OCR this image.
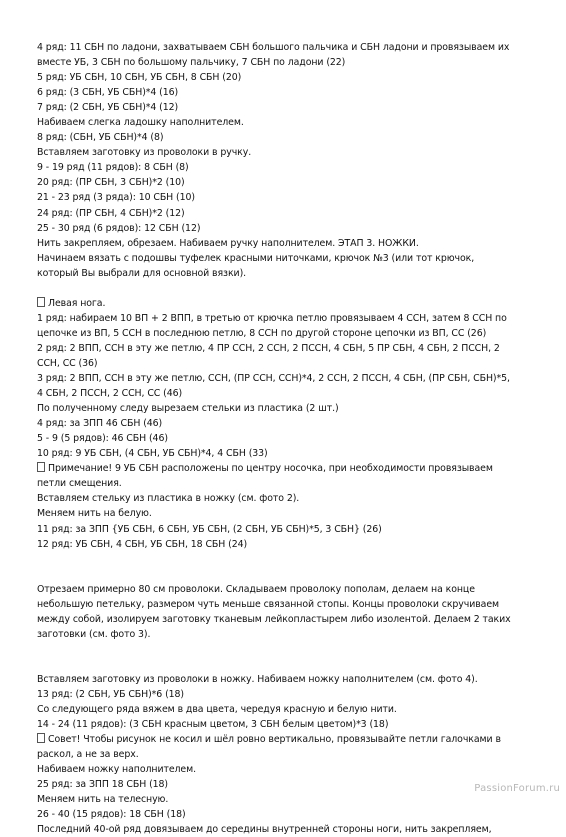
4 ряд: 11 СБН по ладони, захватываем СБН большого пальчика и СБН ладони и провязываем их
вместе УБ, 3 СБН по большому пальчику, 7 СБН по ладони (22)
5 ряд: УБ СБН, 10 СБН, УБ СБН, 8 СБН (20)
6 ряд: (3 СБН, УБ СБН)*4 (16)
7 ряд: (2 СБН, УБ СБН)*4 (12)
Набиваем слегка ладошку наполнителем.
8 ряд: (СБН, УБ СБН)*4 (8)
Вставляем заготовку из проволоки в ручку.
9 - 19 ряд (11 рядов): 8 СБН (8)
20 ряд: (ПР СБН, 3 СБН)*2 (10)
21 - 23 ряд (3 ряда): 10 СБН (10)
24 ряд: (ПР СБН, 4 СБН)*2 (12)
25 - 30 ряд (6 рядов): 12 СБН (12)
Нить закрепляем, обрезаем. Набиваем ручку наполнителем. ЭТАП 3. НОЖКИ.
Начинаем вязать с подошвы туфелек красными ниточками, крючок №3 (или тот крючок,
который Вы выбрали для основной вязки).
Левая нога.
1 ряд: набираем 10 ВП + 2 ВПП, в третью от крючка петлю провязываем 4 ССН, затем 8 ССН по
цепочке из ВП, 5 ССН в последнюю петлю, 8 ССН по другой стороне цепочки из ВП, СС (26)
2 ряд: 2 ВПП, ССН в эту же петлю, 4 ПР ССН, 2 ССН, 2 ПССН, 4 СБН, 5 ПР СБН, 4 СБН, 2 ПССН, 2
ССН, СС (36)
3 ряд: 2 ВПП, ССН в эту же петлю, ССН, (ПР ССН, ССН)*4, 2 ССН, 2 ПССН, 4 СБН, (ПР СБН, СБН)*5,
4 СБН, 2 ПССН, 2 ССН, СС (46)
По полученному следу вырезаем стельки из пластика (2 шт.)
4 ряд: за ЗПП 46 СБН (46)
5 - 9 (5 рядов): 46 СБН (46)
10 ряд: 9 УБ СБН, (4 СБН, УБ СБН)*4, 4 СБН (33)
Примечание! 9 УБ СБН расположены по центру носочка, при необходимости провязываем
петли смещения.
Вставляем стельку из пластика в ножку (см. фото 2).
Меняем нить на белую.
11 ряд: за ЗПП {УБ СБН, 6 СБН, УБ СБН, (2 СБН, УБ СБН)*5, 3 СБН} (26)
12 ряд: УБ СБН, 4 СБН, УБ СБН, 18 СБН (24)
Отрезаем примерно 80 см проволоки. Складываем проволоку пополам, делаем на конце
небольшую петельку, размером чуть меньше связанной стопы. Концы проволоки скручиваем
между собой, изолируем заготовку тканевым лейкопластырем либо изолентой. Делаем 2 таких
заготовки (см. фото 3).
Вставляем заготовку из проволоки в ножку. Набиваем ножку наполнителем (см. фото 4).
13 ряд: (2 СБН, УБ СБН)*6 (18)
Со следующего ряда вяжем в два цвета, чередуя красную и белую нити.
14 - 24 (11 рядов): (3 СБН красным цветом, 3 СБН белым цветом)*3 (18)
Совет! Чтобы рисунок не косил и шёл ровно вертикально, провязывайте петли галочками в
раскол, а не за верх.
Набиваем ножку наполнителем.
25 ряд: за ЗПП 18 СБН (18)
Меняем нить на телесную.
26 - 40 (15 рядов): 18 СБН (18)
Последний 40-ой ряд довязываем до середины внутренней стороны ноги, нить закрепляем,
PassionForum.ru
